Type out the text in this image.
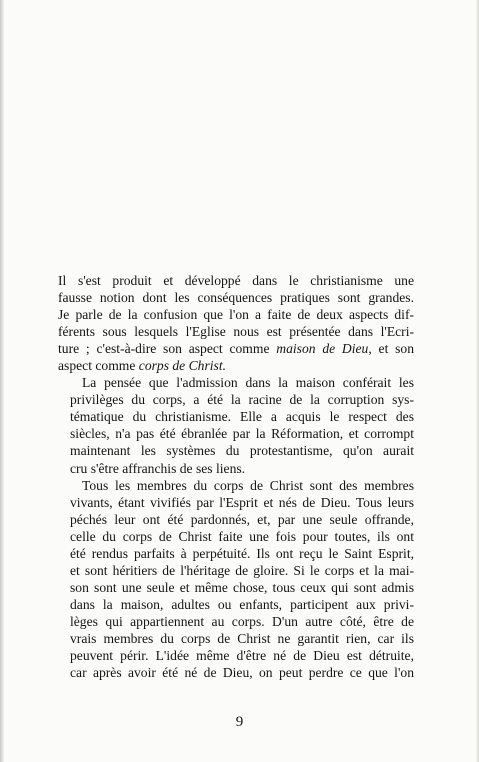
Il s'est produit et développé dans le christianisme une
fausse notion dont les conséquences pratiques sont grandes.
Je parle de la confusion que l'on a faite de deux aspects dif-
férents sous lesquels l'Eglise nous est présentée dans l'Ecri-
ture ; c'est-à-dire son aspect comme maison de Dieu, et son
aspect comme corps de Christ.

La pensée que l'admission dans la maison conférait les
privilèges du corps, a été la racine de la corruption sys-
tématique du christianisme. Elle a acquis le respect des
siècles, n'a pas été ébranlée par la Réformation, et corrompt
maintenant les systèmes du protestantisme, qu'on aurait
cru s'être affranchis de ses liens.

Tous les membres du corps de Christ sont des membres
vivants, étant vivifiés par l'Esprit et nés de Dieu. Tous leurs
péchés leur ont été pardonnés, et, par une seule offrande,
celle du corps de Christ faite une fois pour toutes, ils ont
été rendus parfaits à perpétuité. Ils ont reçu le Saint Esprit,
et sont héritiers de l'héritage de gloire. Si le corps et la mai-
son sont une seule et même chose, tous ceux qui sont admis
dans la maison, adultes ou enfants, participent aux privi-
lèges qui appartiennent au corps. D'un autre côté, être de
vrais membres du corps de Christ ne garantit rien, car ils
peuvent périr. L'idée même d'être né de Dieu est détruite,
car après avoir été né de Dieu, on peut perdre ce que l'on

9
